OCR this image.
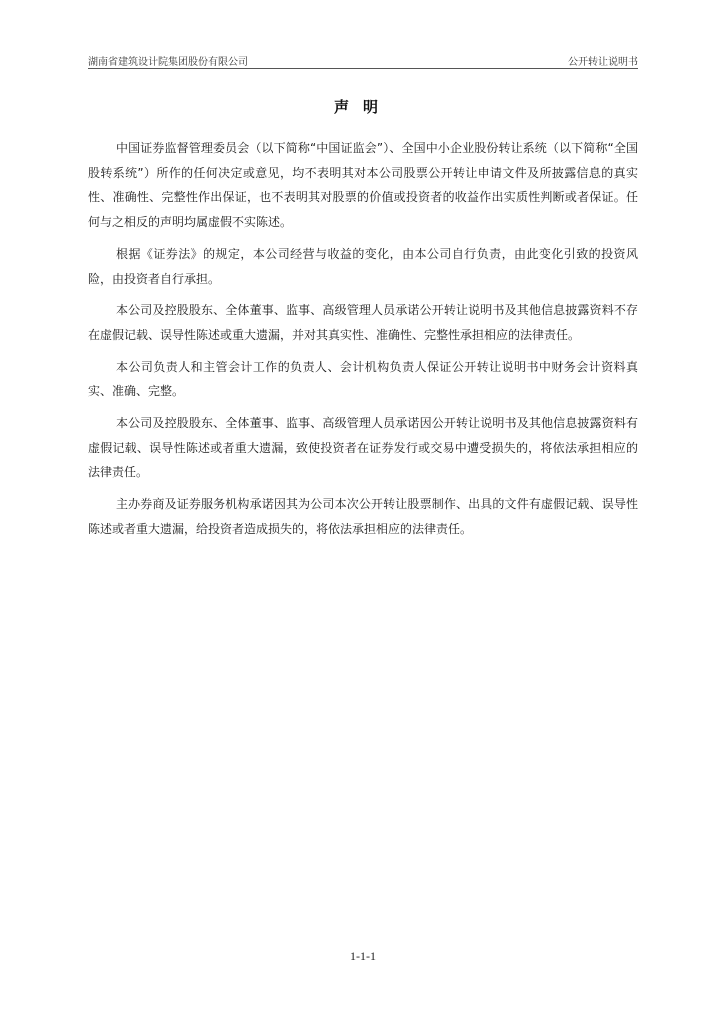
湖南省建筑设计院集团股份有限公司	公开转让说明书
声明

中国证券监督管理委员会（以下简称“中国证监会”）、全国中小企业股份转让系统（以下简称“全国股转系统”）所作的任何决定或意见，均不表明其对本公司股票公开转让申请文件及所披露信息的真实性、准确性、完整性作出保证，也不表明其对股票的价值或投资者的收益作出实质性判断或者保证。任何与之相反的声明均属虚假不实陈述。

根据《证券法》的规定，本公司经营与收益的变化，由本公司自行负责，由此变化引致的投资风险，由投资者自行承担。

本公司及控股股东、全体董事、监事、高级管理人员承诺公开转让说明书及其他信息披露资料不存在虚假记载、误导性陈述或重大遗漏，并对其真实性、准确性、完整性承担相应的法律责任。

本公司负责人和主管会计工作的负责人、会计机构负责人保证公开转让说明书中财务会计资料真实、准确、完整。

本公司及控股股东、全体董事、监事、高级管理人员承诺因公开转让说明书及其他信息披露资料有虚假记载、误导性陈述或者重大遗漏，致使投资者在证券发行或交易中遭受损失的，将依法承担相应的法律责任。

主办券商及证券服务机构承诺因其为公司本次公开转让股票制作、出具的文件有虚假记载、误导性陈述或者重大遗漏，给投资者造成损失的，将依法承担相应的法律责任。

1-1-1
